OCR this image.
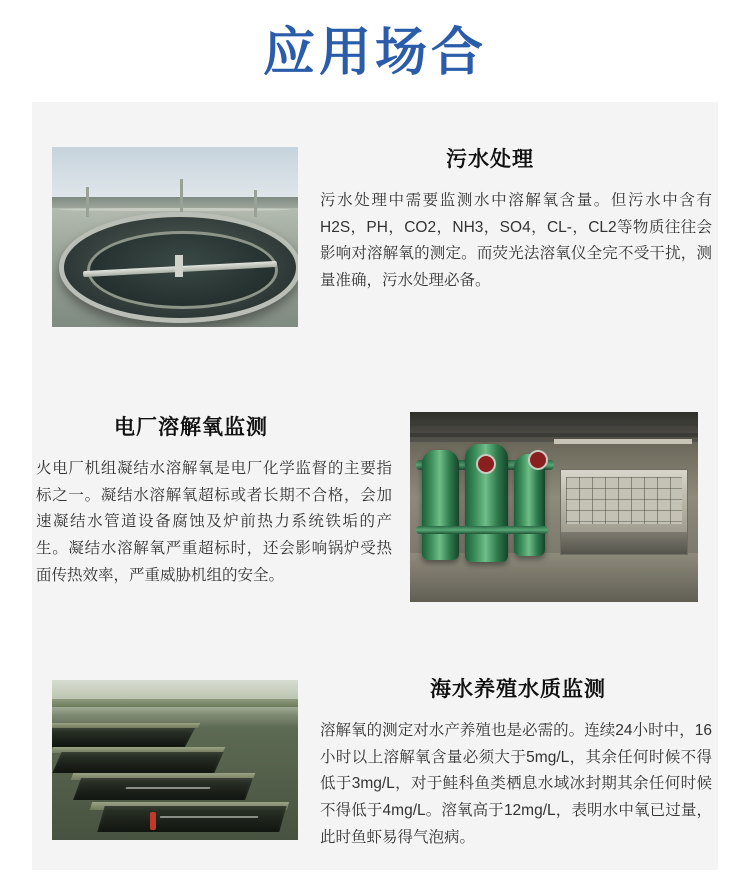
应用场合
污水处理

污水处理中需要监测水中溶解氧含量。但污水中含有H2S，PH，CO2，NH3，SO4，CL-，CL2等物质往往会影响对溶解氧的测定。而荧光法溶氧仪全完不受干扰，测量准确，污水处理必备。

电厂溶解氧监测

火电厂机组凝结水溶解氧是电厂化学监督的主要指标之一。凝结水溶解氧超标或者长期不合格，会加速凝结水管道设备腐蚀及炉前热力系统铁垢的产生。凝结水溶解氧严重超标时，还会影响锅炉受热面传热效率，严重威胁机组的安全。

海水养殖水质监测

溶解氧的测定对水产养殖也是必需的。连续24小时中，16小时以上溶解氧含量必须大于5mg/L，其余任何时候不得低于3mg/L，对于鲑科鱼类栖息水域冰封期其余任何时候不得低于4mg/L。溶氧高于12mg/L，表明水中氧已过量，此时鱼虾易得气泡病。
